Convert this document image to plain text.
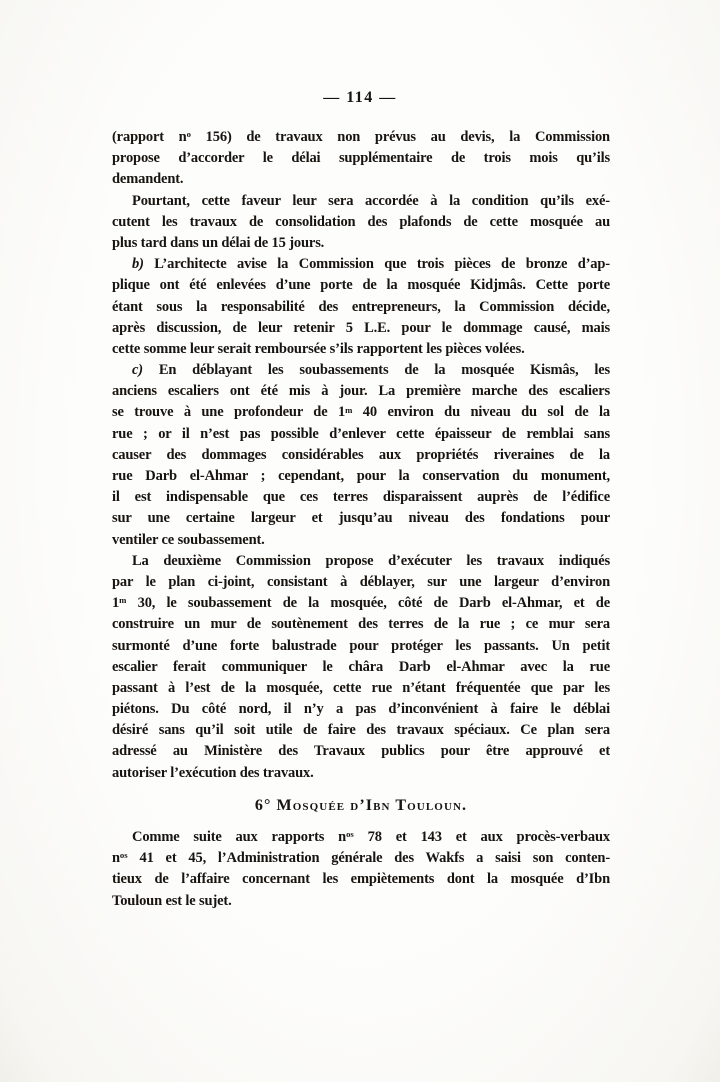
— 114 —
(rapport $n^o$ 156) de travaux non prévus au devis, la Commission
propose d’accorder le délai supplémentaire de trois mois qu’ils
demandent.
Pourtant, cette faveur leur sera accordée à la condition qu’ils exé-
cutent les travaux de consolidation des plafonds de cette mosquée au
plus tard dans un délai de 15 jours.
b) L’architecte avise la Commission que trois pièces de bronze d’ap-
plique ont été enlevées d’une porte de la mosquée Kidjmâs. Cette porte
étant sous la responsabilité des entrepreneurs, la Commission décide,
après discussion, de leur retenir 5 L.E. pour le dommage causé, mais
cette somme leur serait remboursée s’ils rapportent les pièces volées.
c) En déblayant les soubassements de la mosquée Kismâs, les
anciens escaliers ont été mis à jour. La première marche des escaliers
se trouve à une profondeur de 1$^m$ 40 environ du niveau du sol de la
rue ; or il n’est pas possible d’enlever cette épaisseur de remblai sans
causer des dommages considérables aux propriétés riveraines de la
rue Darb el-Ahmar ; cependant, pour la conservation du monument,
il est indispensable que ces terres disparaissent auprès de l’édifice
sur une certaine largeur et jusqu’au niveau des fondations pour
ventiler ce soubassement.
La deuxième Commission propose d’exécuter les travaux indiqués
par le plan ci-joint, consistant à déblayer, sur une largeur d’environ
1$^m$ 30, le soubassement de la mosquée, côté de Darb el-Ahmar, et de
construire un mur de soutènement des terres de la rue ; ce mur sera
surmonté d’une forte balustrade pour protéger les passants. Un petit
escalier ferait communiquer le châra Darb el-Ahmar avec la rue
passant à l’est de la mosquée, cette rue n’étant fréquentée que par les
piétons. Du côté nord, il n’y a pas d’inconvénient à faire le déblai
désiré sans qu’il soit utile de faire des travaux spéciaux. Ce plan sera
adressé au Ministère des Travaux publics pour être approuvé et
autoriser l’exécution des travaux.
6° Mosquée d’Ibn Touloun.
Comme suite aux rapports $n^{os}$ 78 et 143 et aux procès-verbaux
$n^{os}$ 41 et 45, l’Administration générale des Wakfs a saisi son conten-
tieux de l’affaire concernant les empiètements dont la mosquée d’Ibn
Touloun est le sujet.
